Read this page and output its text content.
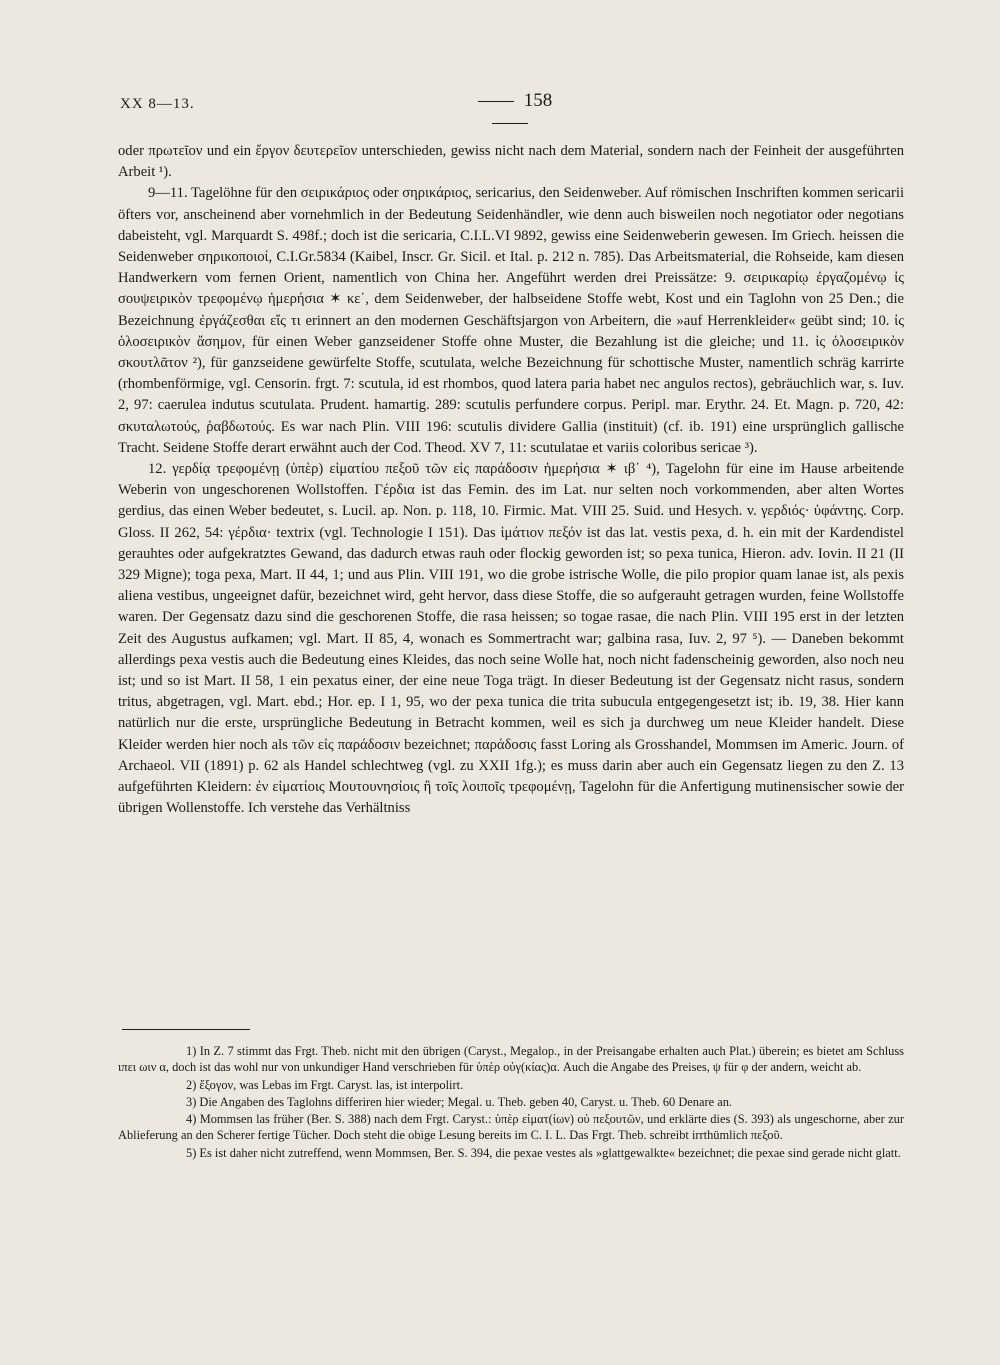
XX 8—13.	158

oder πρωτεῖον und ein ἔργον δευτερεῖον unterschieden, gewiss nicht nach dem Material, sondern nach der Feinheit der ausgeführten Arbeit ¹).

9—11. Tagelöhne für den σειρικάριος oder σηρικάριος, sericarius, den Seidenweber. Auf römischen Inschriften kommen sericarii öfters vor, anscheinend aber vornehmlich in der Bedeutung Seidenhändler, wie denn auch bisweilen noch negotiator oder negotians dabeisteht, vgl. Marquardt S. 498f.; doch ist die sericaria, C.I.L.VI 9892, gewiss eine Seidenweberin gewesen. Im Griech. heissen die Seidenweber σηρικοποιοί, C.I.Gr.5834 (Kaibel, Inscr. Gr. Sicil. et Ital. p. 212 n. 785). Das Arbeitsmaterial, die Rohseide, kam diesen Handwerkern vom fernen Orient, namentlich von China her. Angeführt werden drei Preissätze: 9. σειρικαρίῳ ἐργαζομένῳ ἰς σουψειρικὸν τρεφομένῳ ἡμερήσια ✶ κε΄, dem Seidenweber, der halbseidene Stoffe webt, Kost und ein Taglohn von 25 Den.; die Bezeichnung ἐργάζεσθαι εἴς τι erinnert an den modernen Geschäftsjargon von Arbeitern, die »auf Herrenkleider« geübt sind; 10. ἰς ὁλοσειρικὸν ἄσημον, für einen Weber ganzseidener Stoffe ohne Muster, die Bezahlung ist die gleiche; und 11. ἰς ὁλοσειρικὸν σκουτλᾶτον ²), für ganzseidene gewürfelte Stoffe, scutulata, welche Bezeichnung für schottische Muster, namentlich schräg karrirte (rhombenförmige, vgl. Censorin. frgt. 7: scutula, id est rhombos, quod latera paria habet nec angulos rectos), gebräuchlich war, s. Iuv. 2, 97: caerulea indutus scutulata. Prudent. hamartig. 289: scutulis perfundere corpus. Peripl. mar. Erythr. 24. Et. Magn. p. 720, 42: σκυταλωτούς, ῥαβδωτούς. Es war nach Plin. VIII 196: scutulis dividere Gallia (instituit) (cf. ib. 191) eine ursprünglich gallische Tracht. Seidene Stoffe derart erwähnt auch der Cod. Theod. XV 7, 11: scutulatae et variis coloribus sericae ³).

12. γερδίᾳ τρεφομένῃ (ὑπὲρ) εἱματίου πεξοῦ τῶν εἰς παράδοσιν ἡμερήσια ✶ ιβ΄ ⁴), Tagelohn für eine im Hause arbeitende Weberin von ungeschorenen Wollstoffen. Γέρδια ist das Femin. des im Lat. nur selten noch vorkommenden, aber alten Wortes gerdius, das einen Weber bedeutet, s. Lucil. ap. Non. p. 118, 10. Firmic. Mat. VIII 25. Suid. und Hesych. v. γερδιός· ὑφάντης. Corp. Gloss. II 262, 54: γέρδια· textrix (vgl. Technologie I 151). Das ἱμάτιον πεξόν ist das lat. vestis pexa, d. h. ein mit der Kardendistel gerauhtes oder aufgekratztes Gewand, das dadurch etwas rauh oder flockig geworden ist; so pexa tunica, Hieron. adv. Iovin. II 21 (II 329 Migne); toga pexa, Mart. II 44, 1; und aus Plin. VIII 191, wo die grobe istrische Wolle, die pilo propior quam lanae ist, als pexis aliena vestibus, ungeeignet dafür, bezeichnet wird, geht hervor, dass diese Stoffe, die so aufgerauht getragen wurden, feine Wollstoffe waren. Der Gegensatz dazu sind die geschorenen Stoffe, die rasa heissen; so togae rasae, die nach Plin. VIII 195 erst in der letzten Zeit des Augustus aufkamen; vgl. Mart. II 85, 4, wonach es Sommertracht war; galbina rasa, Iuv. 2, 97 ⁵). — Daneben bekommt allerdings pexa vestis auch die Bedeutung eines Kleides, das noch seine Wolle hat, noch nicht fadenscheinig geworden, also noch neu ist; und so ist Mart. II 58, 1 ein pexatus einer, der eine neue Toga trägt. In dieser Bedeutung ist der Gegensatz nicht rasus, sondern tritus, abgetragen, vgl. Mart. ebd.; Hor. ep. I 1, 95, wo der pexa tunica die trita subucula entgegengesetzt ist; ib. 19, 38. Hier kann natürlich nur die erste, ursprüngliche Bedeutung in Betracht kommen, weil es sich ja durchweg um neue Kleider handelt. Diese Kleider werden hier noch als τῶν εἰς παράδοσιν bezeichnet; παράδοσις fasst Loring als Grosshandel, Mommsen im Americ. Journ. of Archaeol. VII (1891) p. 62 als Handel schlechtweg (vgl. zu XXII 1fg.); es muss darin aber auch ein Gegensatz liegen zu den Z. 13 aufgeführten Kleidern: ἐν εἱματίοις Μουτουνησίοις ἢ τοῖς λοιποῖς τρεφομένῃ, Tagelohn für die Anfertigung mutinensischer sowie der übrigen Wollenstoffe. Ich verstehe das Verhältniss

1) In Z. 7 stimmt das Frgt. Theb. nicht mit den übrigen (Caryst., Megalop., in der Preisangabe erhalten auch Plat.) überein; es bietet am Schluss ιπει ωιν α, doch ist das wohl nur von unkundiger Hand verschrieben für ὑπὲρ οὐγ(κίας)α. Auch die Angabe des Preises, ψ für φ der andern, weicht ab.

2) ἔξογον, was Lebas im Frgt. Caryst. las, ist interpolirt.

3) Die Angaben des Taglohns differiren hier wieder; Megal. u. Theb. geben 40, Caryst. u. Theb. 60 Denare an.

4) Mommsen las früher (Ber. S. 388) nach dem Frgt. Caryst.: ὑπὲρ εἱματ(ίων) οὐ πεξουτῶν, und erklärte dies (S. 393) als ungeschorne, aber zur Ablieferung an den Scherer fertige Tücher. Doch steht die obige Lesung bereits im C. I. L. Das Frgt. Theb. schreibt irrthümlich πεξοῦ.

5) Es ist daher nicht zutreffend, wenn Mommsen, Ber. S. 394, die pexae vestes als »glattgewalkte« bezeichnet; die pexae sind gerade nicht glatt.
